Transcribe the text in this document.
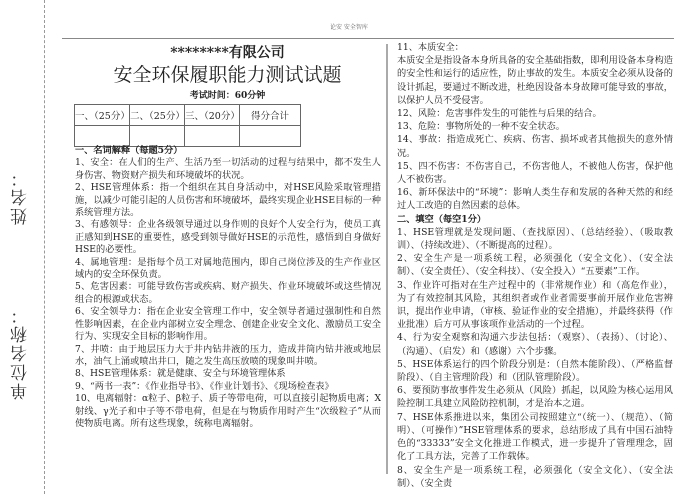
论安 安全智库
姓名：
单位名称：
********有限公司
安全环保履职能力测试试题
考试时间：60分钟
一、（25分）	二、（25分）	三、（20分）	得分合计

一、名词解释（每题5分）

1、安全：在人们的生产、生活乃至一切活动的过程与结果中，都不发生人身伤害、物资财产损失和环境破坏的状况。

2、HSE管理体系：指一个组织在其自身活动中，对HSE风险采取管理措施，以减少可能引起的人员伤害和环境破坏，最终实现企业HSE目标的一种系统管理方法。

3、有感领导：企业各级领导通过以身作则的良好个人安全行为，使员工真正感知到HSE的重要性，感受到领导做好HSE的示范性，感悟到自身做好HSE的必要性。

4、属地管理：是指每个员工对属地范围内，即自己岗位涉及的生产作业区域内的安全环保负责。

5、危害因素：可能导致伤害或疾病、财产损失、作业环境破坏或这些情况组合的根源或状态。

6、安全领导力：指在企业安全管理工作中，安全领导者通过强制性和自然性影响因素，在企业内部树立安全理念、创建企业安全文化、激励员工安全行为、实现安全目标的影响作用。

7、井喷：由于地层压力大于井内钻井液的压力，造成井筒内钻井液或地层水，油气上涌或喷出井口，随之发生高压放喷的现象叫井喷。

8、HSE管理体系：就是健康、安全与环境管理体系

9、“两书一表”：《作业指导书》、《作业计划书》、《现场检查表》

10、电离辐射：α粒子、β粒子、质子等带电荷，可以直接引起物质电离；X射线、γ光子和中子等不带电荷，但是在与物质作用时产生“次级粒子”从而使物质电离。所有这些现象，统称电离辐射。

11、本质安全：

本质安全是指设备本身所具备的安全基础指数，即利用设备本身构造的安全性和运行的适应性，防止事故的发生。本质安全必须从设备的设计抓起，要通过不断改进，杜绝因设备本身故障可能导致的事故，以保护人员不受侵害。

12、风险：危害事件发生的可能性与后果的结合。

13、危险：事物所处的一种不安全状态。

14、事故：指造成死亡、疾病、伤害、损坏或者其他损失的意外情况。

15、四不伤害：不伤害自己，不伤害他人，不被他人伤害，保护他人不被伤害。

16、新环保法中的“环境”：影响人类生存和发展的各种天然的和经过人工改造的自然因素的总体。

二、填空（每空1分）

1、HSE管理就是发现问题、（查找原因）、（总结经验）、（吸取教训）、（持续改进）、（不断提高的过程）。

2、安全生产是一项系统工程，必须强化（安全文化）、（安全法制）、（安全责任）、（安全科技）、（安全投入）“五要素”工作。

3、作业许可指对在生产过程中的（非常规作业）和（高危作业），为了有效控制其风险，其组织者或作业者需要事前开展作业危害辨识，提出作业申请，（审核、验证作业的安全措施），并最终获得（作业批准）后方可从事该项作业活动的一个过程。

4、行为安全观察和沟通六步法包括：（观察）、（表扬）、（讨论）、（沟通）、（启发）和（感谢）六个步骤。

5、HSE体系运行的四个阶段分别是：（自然本能阶段）、（严格监督阶段）、（自主管理阶段）和（团队管理阶段）。

6、要预防事故事件发生必须从（风险）抓起，以风险为核心运用风险控制工具建立风险防控机制，才是治本之道。

7、HSE体系推进以来，集团公司按照建立“（统一）、（规范）、（简明）、（可操作）”HSE管理体系的要求，总结形成了具有中国石油特色的“33333”安全文化推进工作模式，进一步提升了管理理念，固化了工具方法，完善了工作载体。

8、安全生产是一项系统工程，必须强化（安全文化）、（安全法制）、（安全责
